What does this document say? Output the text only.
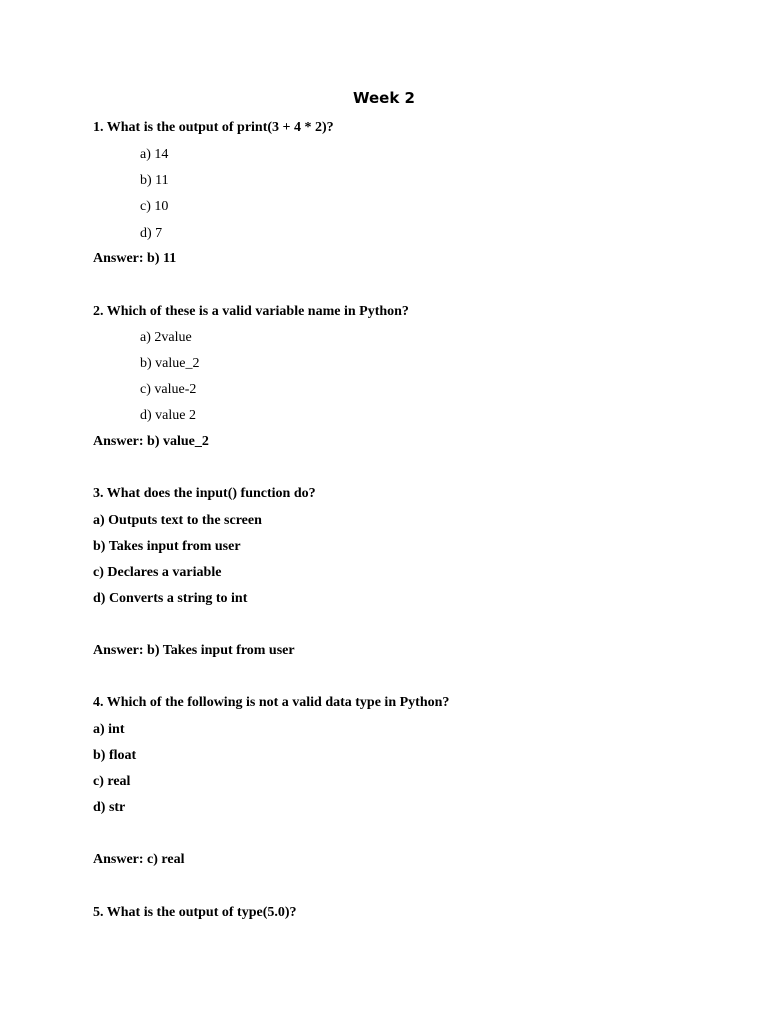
Week 2
1. What is the output of print(3 + 4 * 2)?
a) 14
b) 11
c) 10
d) 7
Answer: b) 11
2. Which of these is a valid variable name in Python?
a) 2value
b) value_2
c) value-2
d) value 2
Answer: b) value_2
3. What does the input() function do?
a) Outputs text to the screen
b) Takes input from user
c) Declares a variable
d) Converts a string to int
Answer: b) Takes input from user
4. Which of the following is not a valid data type in Python?
a) int
b) float
c) real
d) str
Answer: c) real
5. What is the output of type(5.0)?
